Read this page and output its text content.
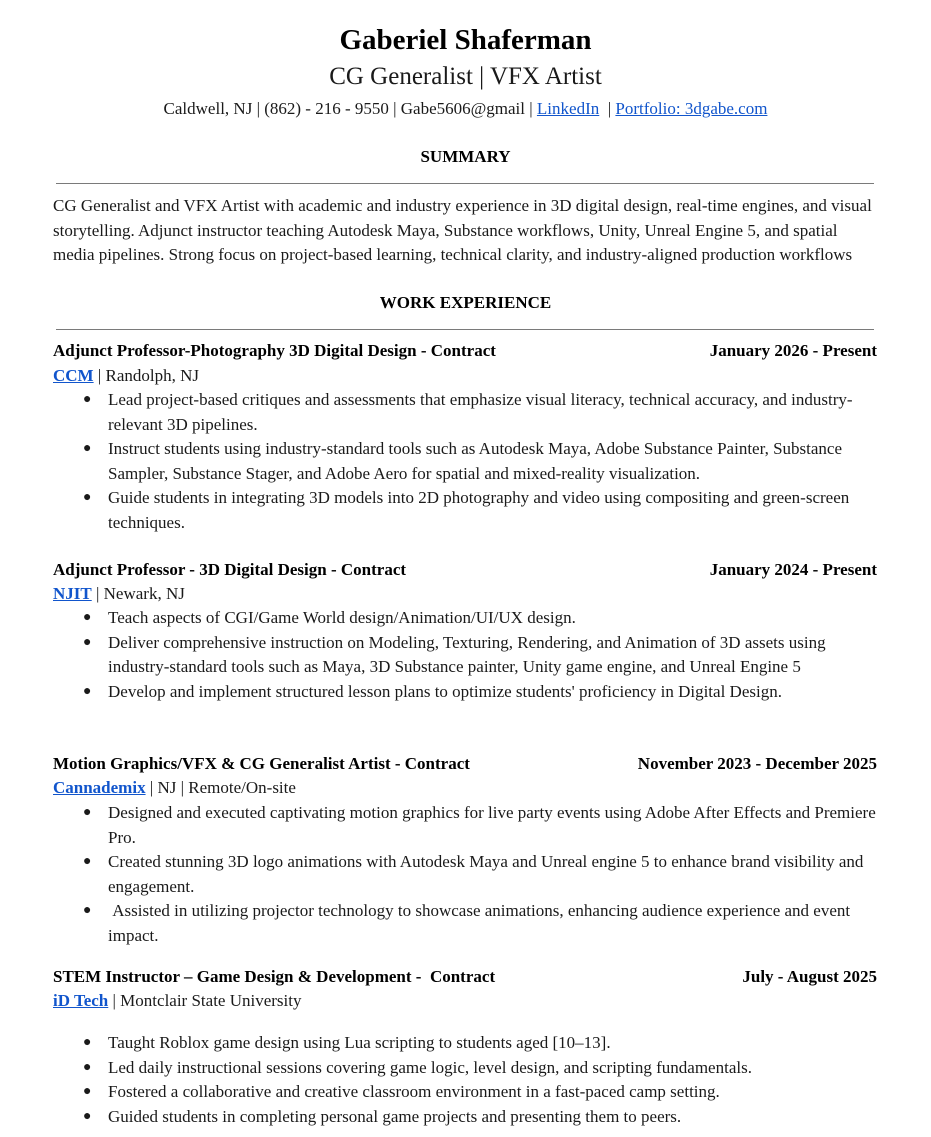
Gaberiel Shaferman
CG Generalist | VFX Artist
Caldwell, NJ | (862) - 216 - 9550 | Gabe5606@gmail | LinkedIn  | Portfolio: 3dgabe.com
SUMMARY
CG Generalist and VFX Artist with academic and industry experience in 3D digital design, real-time engines, and visual storytelling. Adjunct instructor teaching Autodesk Maya, Substance workflows, Unity, Unreal Engine 5, and spatial media pipelines. Strong focus on project-based learning, technical clarity, and industry-aligned production workflows
WORK EXPERIENCE
Adjunct Professor-Photography 3D Digital Design - Contract	January 2026 - Present
CCM | Randolph, NJ
● Lead project-based critiques and assessments that emphasize visual literacy, technical accuracy, and industry-relevant 3D pipelines.
● Instruct students using industry-standard tools such as Autodesk Maya, Adobe Substance Painter, Substance Sampler, Substance Stager, and Adobe Aero for spatial and mixed-reality visualization.
● Guide students in integrating 3D models into 2D photography and video using compositing and green-screen techniques.
Adjunct Professor - 3D Digital Design - Contract	January 2024 - Present
NJIT | Newark, NJ
● Teach aspects of CGI/Game World design/Animation/UI/UX design.
● Deliver comprehensive instruction on Modeling, Texturing, Rendering, and Animation of 3D assets using industry-standard tools such as Maya, 3D Substance painter, Unity game engine, and Unreal Engine 5
● Develop and implement structured lesson plans to optimize students' proficiency in Digital Design.
Motion Graphics/VFX & CG Generalist Artist - Contract	November 2023 - December 2025
Cannademix | NJ | Remote/On-site
● Designed and executed captivating motion graphics for live party events using Adobe After Effects and Premiere Pro.
● Created stunning 3D logo animations with Autodesk Maya and Unreal engine 5 to enhance brand visibility and engagement.
● Assisted in utilizing projector technology to showcase animations, enhancing audience experience and event impact.
STEM Instructor – Game Design & Development -  Contract	July - August 2025
iD Tech | Montclair State University
● Taught Roblox game design using Lua scripting to students aged [10–13].
● Led daily instructional sessions covering game logic, level design, and scripting fundamentals.
● Fostered a collaborative and creative classroom environment in a fast-paced camp setting.
● Guided students in completing personal game projects and presenting them to peers.
